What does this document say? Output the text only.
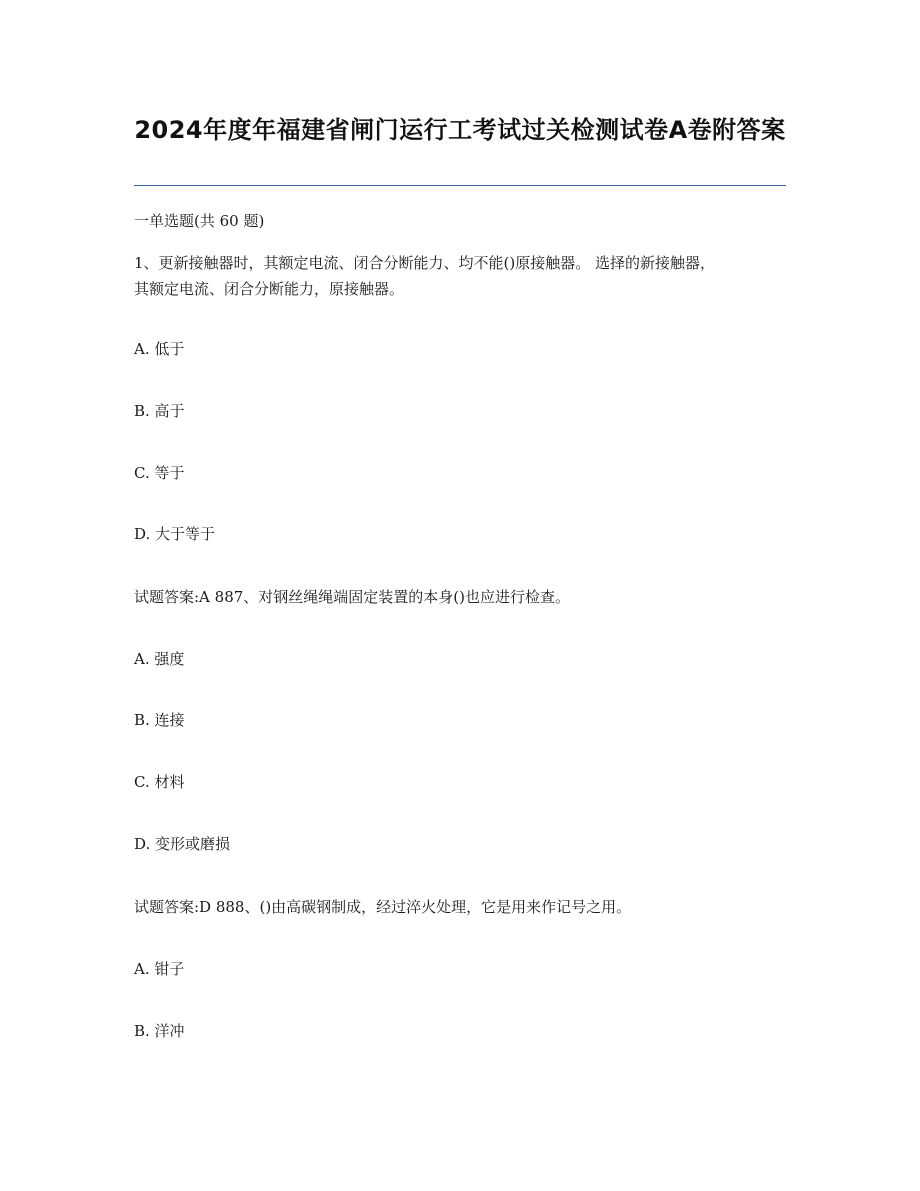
2024年度年福建省闸门运行工考试过关检测试卷A卷附答案
一单选题(共 60 题)
1、更新接触器时，其额定电流、闭合分断能力、均不能()原接触器。 选择的新接触器，
其额定电流、闭合分断能力，原接触器。
A. 低于
B. 高于
C. 等于
D. 大于等于
试题答案:A 887、对钢丝绳绳端固定装置的本身()也应进行检查。
A. 强度
B. 连接
C. 材料
D. 变形或磨损
试题答案:D 888、()由高碳钢制成，经过淬火处理，它是用来作记号之用。
A. 钳子
B. 洋冲
